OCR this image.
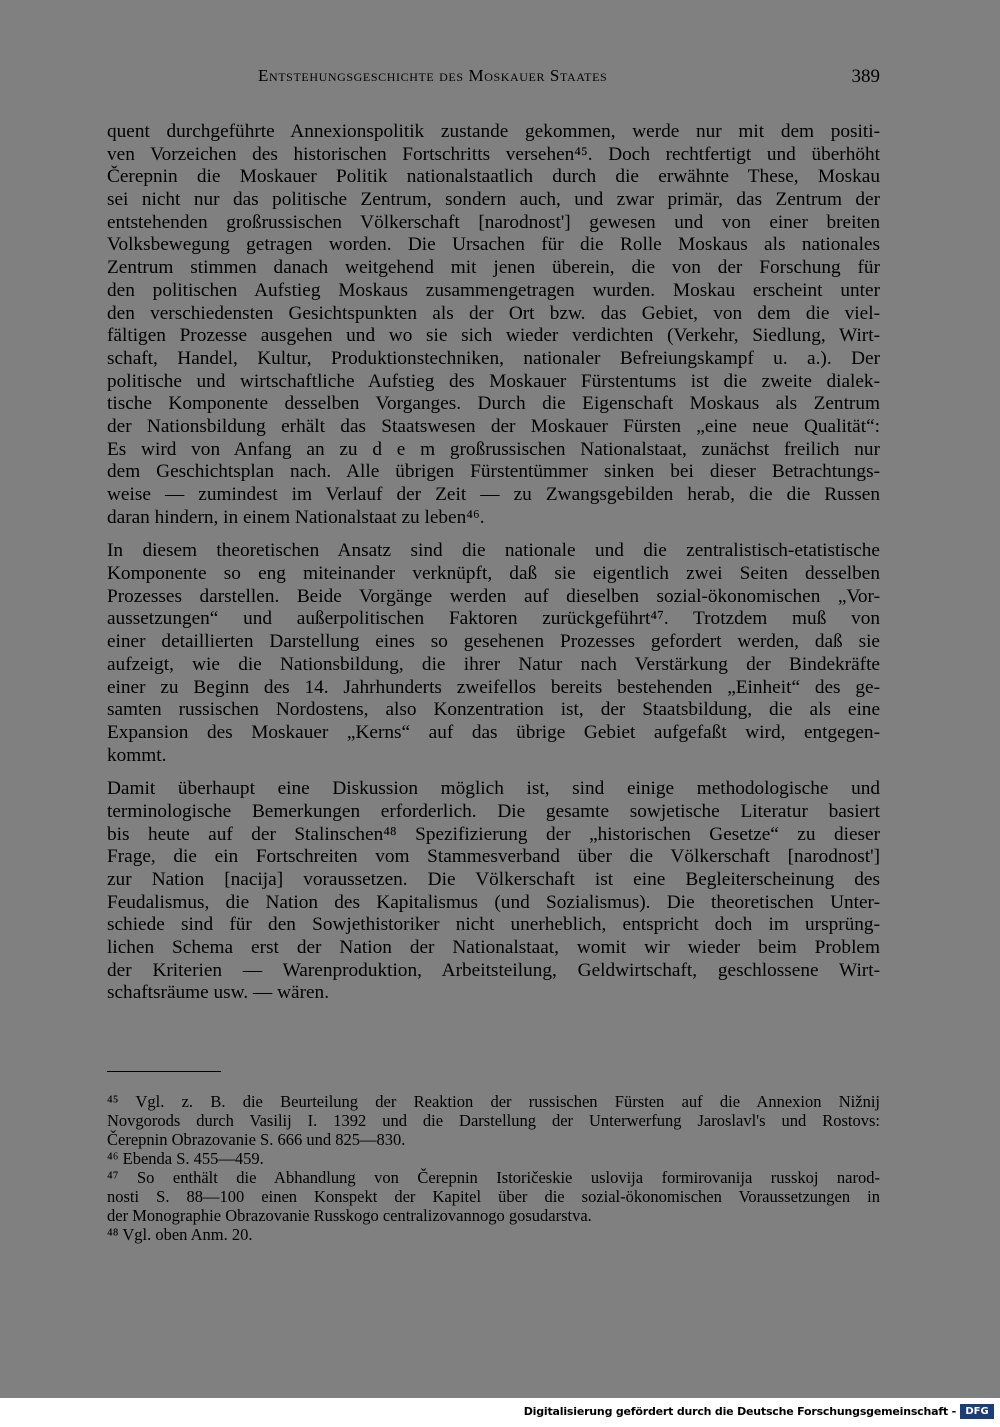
Entstehungsgeschichte des Moskauer Staates	389
quent durchgeführte Annexionspolitik zustande gekommen, werde nur mit dem positi-
ven Vorzeichen des historischen Fortschritts versehen⁴⁵. Doch rechtfertigt und überhöht
Čerepnin die Moskauer Politik nationalstaatlich durch die erwähnte These, Moskau
sei nicht nur das politische Zentrum, sondern auch, und zwar primär, das Zentrum der
entstehenden großrussischen Völkerschaft [narodnost'] gewesen und von einer breiten
Volksbewegung getragen worden. Die Ursachen für die Rolle Moskaus als nationales
Zentrum stimmen danach weitgehend mit jenen überein, die von der Forschung für
den politischen Aufstieg Moskaus zusammengetragen wurden. Moskau erscheint unter
den verschiedensten Gesichtspunkten als der Ort bzw. das Gebiet, von dem die viel-
fältigen Prozesse ausgehen und wo sie sich wieder verdichten (Verkehr, Siedlung, Wirt-
schaft, Handel, Kultur, Produktionstechniken, nationaler Befreiungskampf u. a.). Der
politische und wirtschaftliche Aufstieg des Moskauer Fürstentums ist die zweite dialek-
tische Komponente desselben Vorganges. Durch die Eigenschaft Moskaus als Zentrum
der Nationsbildung erhält das Staatswesen der Moskauer Fürsten „eine neue Qualität“:
Es wird von Anfang an zu d e m großrussischen Nationalstaat, zunächst freilich nur
dem Geschichtsplan nach. Alle übrigen Fürstentümmer sinken bei dieser Betrachtungs-
weise — zumindest im Verlauf der Zeit — zu Zwangsgebilden herab, die die Russen
daran hindern, in einem Nationalstaat zu leben⁴⁶.
In diesem theoretischen Ansatz sind die nationale und die zentralistisch-etatistische
Komponente so eng miteinander verknüpft, daß sie eigentlich zwei Seiten desselben
Prozesses darstellen. Beide Vorgänge werden auf dieselben sozial-ökonomischen „Vor-
aussetzungen“ und außerpolitischen Faktoren zurückgeführt⁴⁷. Trotzdem muß von
einer detaillierten Darstellung eines so gesehenen Prozesses gefordert werden, daß sie
aufzeigt, wie die Nationsbildung, die ihrer Natur nach Verstärkung der Bindekräfte
einer zu Beginn des 14. Jahrhunderts zweifellos bereits bestehenden „Einheit“ des ge-
samten russischen Nordostens, also Konzentration ist, der Staatsbildung, die als eine
Expansion des Moskauer „Kerns“ auf das übrige Gebiet aufgefaßt wird, entgegen-
kommt.
Damit überhaupt eine Diskussion möglich ist, sind einige methodologische und
terminologische Bemerkungen erforderlich. Die gesamte sowjetische Literatur basiert
bis heute auf der Stalinschen⁴⁸ Spezifizierung der „historischen Gesetze“ zu dieser
Frage, die ein Fortschreiten vom Stammesverband über die Völkerschaft [narodnost']
zur Nation [nacija] voraussetzen. Die Völkerschaft ist eine Begleiterscheinung des
Feudalismus, die Nation des Kapitalismus (und Sozialismus). Die theoretischen Unter-
schiede sind für den Sowjethistoriker nicht unerheblich, entspricht doch im ursprüng-
lichen Schema erst der Nation der Nationalstaat, womit wir wieder beim Problem
der Kriterien — Warenproduktion, Arbeitsteilung, Geldwirtschaft, geschlossene Wirt-
schaftsräume usw. — wären.
⁴⁵ Vgl. z. B. die Beurteilung der Reaktion der russischen Fürsten auf die Annexion Nižnij
Novgorods durch Vasilij I. 1392 und die Darstellung der Unterwerfung Jaroslavl's und Rostovs:
Čerepnin Obrazovanie S. 666 und 825—830.
⁴⁶ Ebenda S. 455—459.
⁴⁷ So enthält die Abhandlung von Čerepnin Istoričeskie uslovija formirovanija russkoj narod-
nosti S. 88—100 einen Konspekt der Kapitel über die sozial-ökonomischen Voraussetzungen in
der Monographie Obrazovanie Russkogo centralizovannogo gosudarstva.
⁴⁸ Vgl. oben Anm. 20.
Digitalisierung gefördert durch die Deutsche Forschungsgemeinschaft - DFG
